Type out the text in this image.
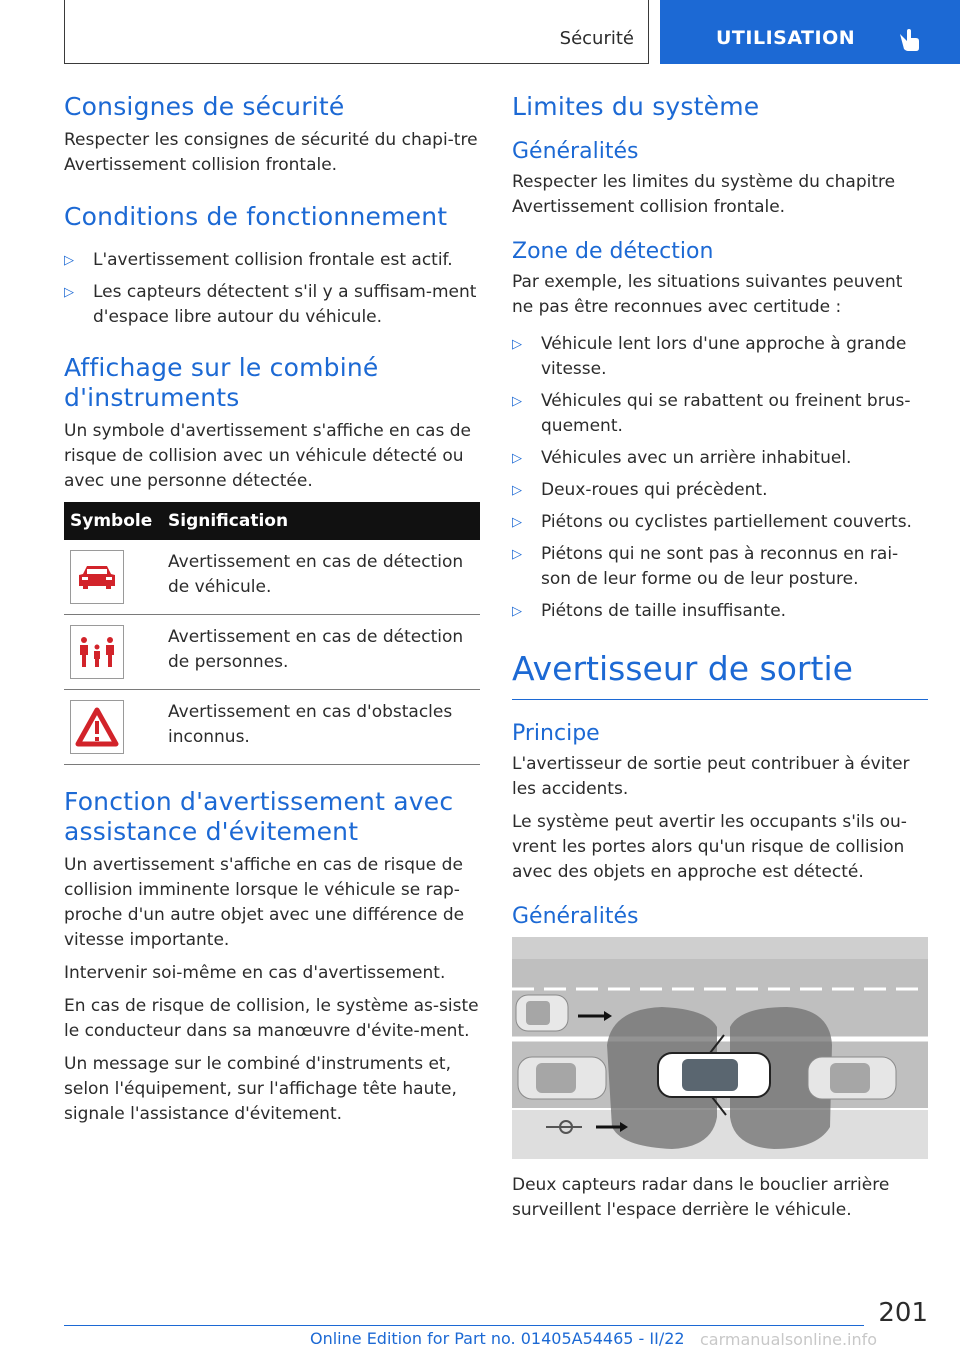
Sécurité	UTILISATION
Consignes de sécurité

Respecter les consignes de sécurité du chapi-tre Avertissement collision frontale.

Conditions de fonctionnement
▷ L'avertissement collision frontale est actif.
▷ Les capteurs détectent s'il y a suffisam-ment d'espace libre autour du véhicule.
Affichage sur le combiné d'instruments

Un symbole d'avertissement s'affiche en cas de risque de collision avec un véhicule détecté ou avec une personne détectée.

Symbole	Signification

	Avertissement en cas de détection de véhicule.

	Avertissement en cas de détection de personnes.

	Avertissement en cas d'obstacles inconnus.
Fonction d'avertissement avec assistance d'évitement

Un avertissement s'affiche en cas de risque de collision imminente lorsque le véhicule se rap-proche d'un autre objet avec une différence de vitesse importante.

Intervenir soi-même en cas d'avertissement.

En cas de risque de collision, le système as-siste le conducteur dans sa manœuvre d'évite-ment.

Un message sur le combiné d'instruments et, selon l'équipement, sur l'affichage tête haute, signale l'assistance d'évitement.

Limites du système
Généralités

Respecter les limites du système du chapitre Avertissement collision frontale.

Zone de détection

Par exemple, les situations suivantes peuvent ne pas être reconnues avec certitude :

▷ Véhicule lent lors d'une approche à grande vitesse.
▷ Véhicules qui se rabattent ou freinent brus-quement.
▷ Véhicules avec un arrière inhabituel.
▷ Deux-roues qui précèdent.
▷ Piétons ou cyclistes partiellement couverts.
▷ Piétons qui ne sont pas à reconnus en rai-son de leur forme ou de leur posture.
▷ Piétons de taille insuffisante.
Avertisseur de sortie
Principe

L'avertisseur de sortie peut contribuer à éviter les accidents.

Le système peut avertir les occupants s'ils ou-vrent les portes alors qu'un risque de collision avec des objets en approche est détecté.

Généralités

Deux capteurs radar dans le bouclier arrière surveillent l'espace derrière le véhicule.

201
Online Edition for Part no. 01405A54465 - II/22 carmanualsonline.info
